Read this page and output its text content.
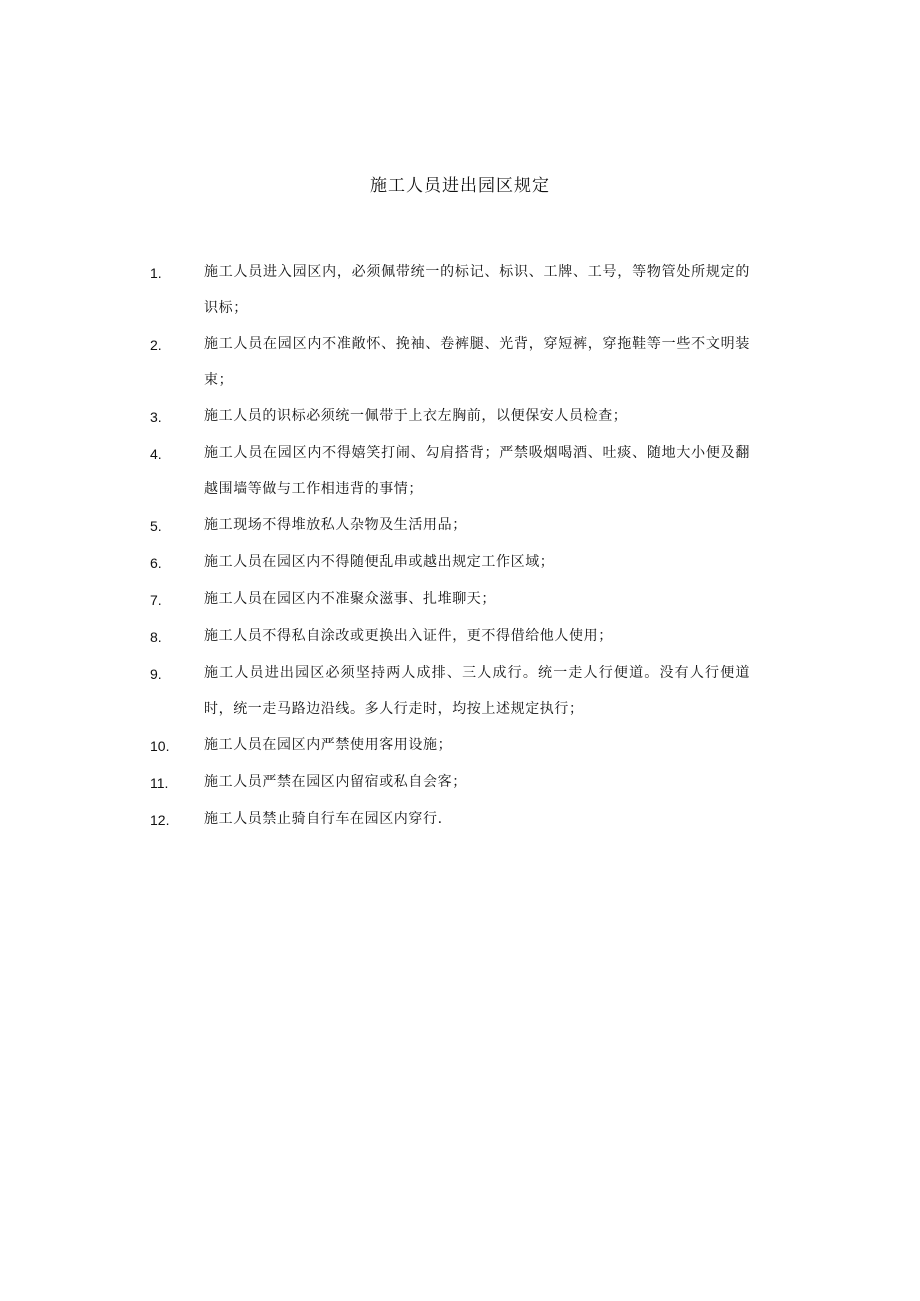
施工人员进出园区规定
1.	施工人员进入园区内，必须佩带统一的标记、标识、工牌、工号，等物管处所规定的识标；
2.	施工人员在园区内不准敞怀、挽袖、卷裤腿、光背，穿短裤，穿拖鞋等一些不文明装束；
3.	施工人员的识标必须统一佩带于上衣左胸前，以便保安人员检查；
4.	施工人员在园区内不得嬉笑打闹、勾肩搭背；严禁吸烟喝酒、吐痰、随地大小便及翻越围墙等做与工作相违背的事情；
5.	施工现场不得堆放私人杂物及生活用品；
6.	施工人员在园区内不得随便乱串或越出规定工作区域；
7.	施工人员在园区内不准聚众滋事、扎堆聊天；
8.	施工人员不得私自涂改或更换出入证件，更不得借给他人使用；
9.	施工人员进出园区必须坚持两人成排、三人成行。统一走人行便道。没有人行便道时，统一走马路边沿线。多人行走时，均按上述规定执行；
10.	施工人员在园区内严禁使用客用设施；
11.	施工人员严禁在园区内留宿或私自会客；
12.	施工人员禁止骑自行车在园区内穿行.
